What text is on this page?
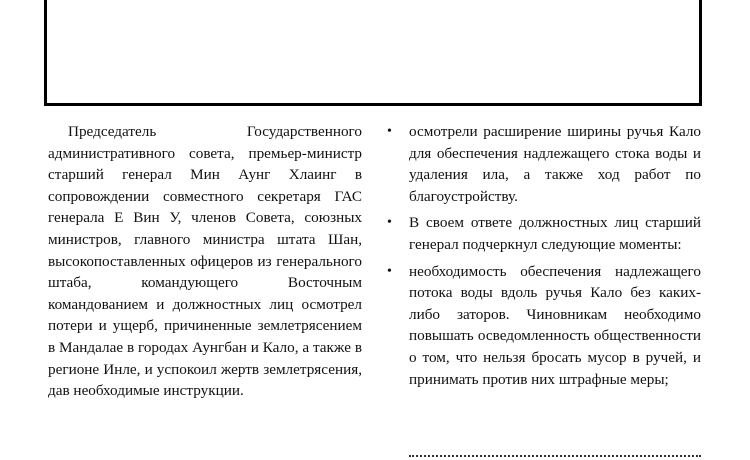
Председатель Государственного административного совета, премьер-министр старший генерал Мин Аунг Хлаинг в сопровождении совместного секретаря ГАС генерала Е Вин У, членов Совета, союзных министров, главного министра штата Шан, высокопоставленных офицеров из генерального штаба, командующего Восточным командованием и должностных лиц осмотрел потери и ущерб, причиненные землетрясением в Мандалае в городах Аунгбан и Кало, а также в регионе Инле, и успокоил жертв землетрясения, дав необходимые инструкции.

• осмотрели расширение ширины ручья Кало для обеспечения надлежащего стока воды и удаления ила, а также ход работ по благоустройству.
• В своем ответе должностных лиц старший генерал подчеркнул следующие моменты:
• необходимость обеспечения надлежащего потока воды вдоль ручья Кало без каких-либо заторов. Чиновникам необходимо повышать осведомленность общественности о том, что нельзя бросать мусор в ручей, и принимать против них штрафные меры;
